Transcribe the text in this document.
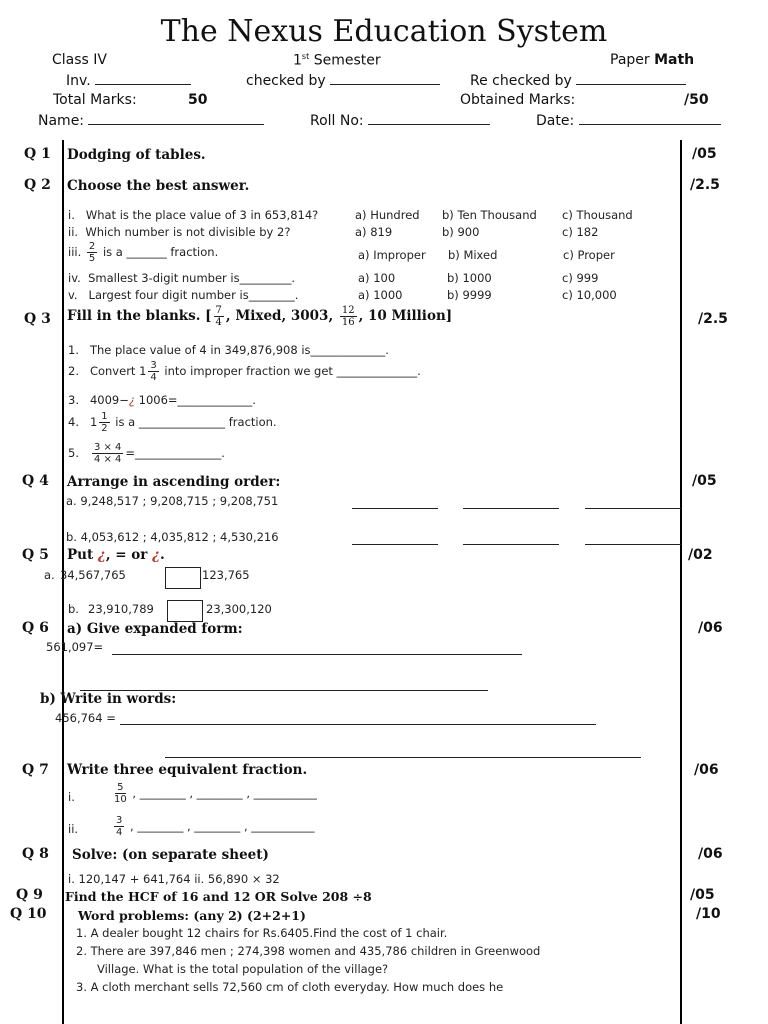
The Nexus Education System
Class IV	1st Semester	Paper Math
Inv.	checked by	Re checked by
Total Marks:	50	Obtained Marks:	/50
Name:	Roll No:	Date:
Q 1 Dodging of tables.	/05
Q 2 Choose the best answer.	/2.5
i. What is the place value of 3 in 653,814?	a) Hundred b) Ten Thousand c) Thousand
ii. Which number is not divisible by 2?	a) 819	b) 900	c) 182
iii. $\frac{2}{5}$ is a _______ fraction.	a) Improper b) Mixed	c) Proper
iv. Smallest 3-digit number is_________.	a) 100	b) 1000	c) 999
v. Largest four digit number is________.	a) 1000	b) 9999	c) 10,000
Q 3 Fill in the blanks. [ $\frac{7}{4}$ , Mixed, 3003, $\frac{12}{16}$ , 10 Million]	/2.5
1. The place value of 4 in 349,876,908 is_____________.
2. Convert $1 \frac{3}{4}$ into improper fraction we get ______________.
3. 4009−¿ 1006=_____________.
4. $1 \frac{1}{2}$ is a _______________ fraction.
5. $\frac{3 \times 4}{4 \times 4}$ =_______________.
Q 4 Arrange in ascending order:	/05
a. 9,248,517 ; 9,208,715 ; 9,208,751

b. 4,053,612 ; 4,035,812 ; 4,530,216

Q 5 Put ¿, = or ¿.	/02
a. 34,567,765	123,765
b. 23,910,789	23,300,120
Q 6 a) Give expanded form:	/06
561,097=
b) Write in words:
456,764 =
Q 7 Write three equivalent fraction.	/06
i.	$\frac{5}{10}$ , ________ , ________ , ___________
ii.	$\frac{3}{4}$ , ________ , ________ , ___________
Q 8 Solve: (on separate sheet)	/06
i. 120,147 + 641,764 ii. 56,890 × 32
Q 9 Find the HCF of 16 and 12 OR Solve 208 ÷8	/05
Q 10	Word problems: (any 2) (2+2+1)	/10
1. A dealer bought 12 chairs for Rs.6405.Find the cost of 1 chair.
2. There are 397,846 men ; 274,398 women and 435,786 children in Greenwood
Village. What is the total population of the village?
3. A cloth merchant sells 72,560 cm of cloth everyday. How much does he
